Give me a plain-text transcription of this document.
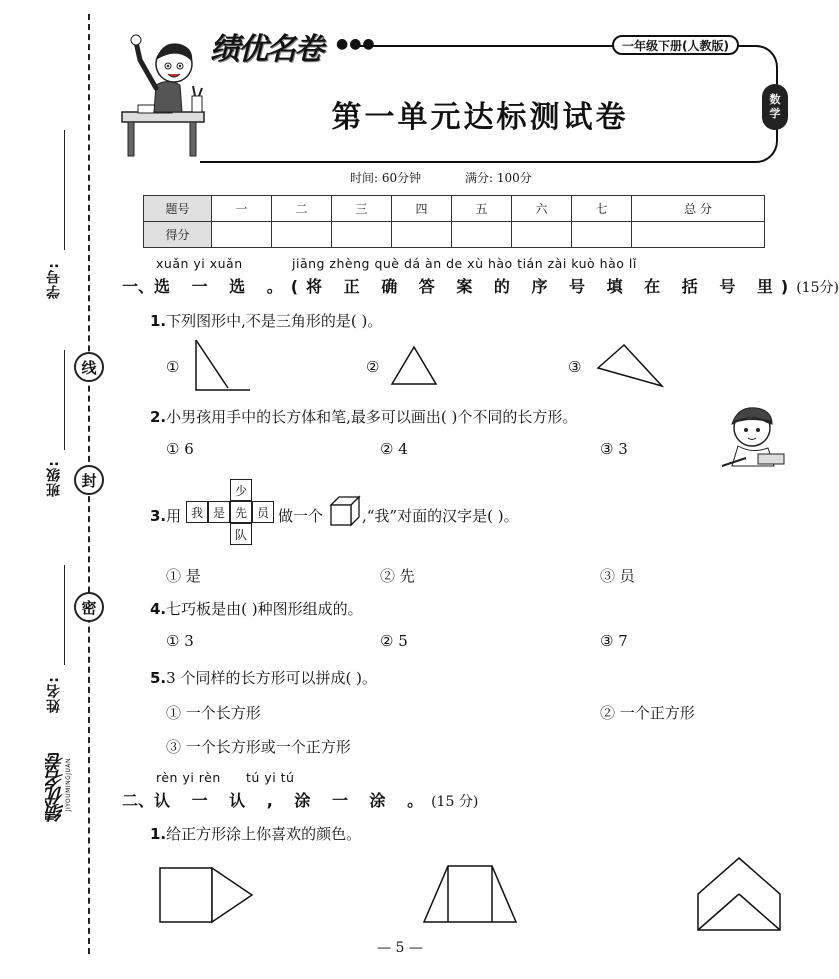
学号:
线
班级:	封
姓名:
密
绩优名卷
JIYOUMINGJUAN
绩优名卷 ●●●	一年级下册(人教版)
数
学
第一单元达标测试卷
时间: 60分钟	满分: 100分
题号	一	二	三	四	五	六	七	总 分
得分								
xuǎn yi xuǎn	jiāng zhèng què dá àn de xù hào tián zài kuò hào lǐ
一、选 一 选 。(将 正 确 答 案 的 序 号 填 在 括 号 里)(15分)
1.下列图形中,不是三角形的是( )。
①	②	③
2.小男孩用手中的长方体和笔,最多可以画出( )个不同的长方形。
① 6	② 4	③ 3
3.用
少
我 是 先 员
队
做一个	,“我”对面的汉字是( )。
① 是	② 先	③ 员
4.七巧板是由( )种图形组成的。
① 3	② 5	③ 7
5.3 个同样的长方形可以拼成( )。
① 一个长方形	② 一个正方形
③ 一个长方形或一个正方形
rèn yi rèn tú yi tú
二、认 一 认 , 涂 一 涂 。(15 分)
1.给正方形涂上你喜欢的颜色。
— 5 —
